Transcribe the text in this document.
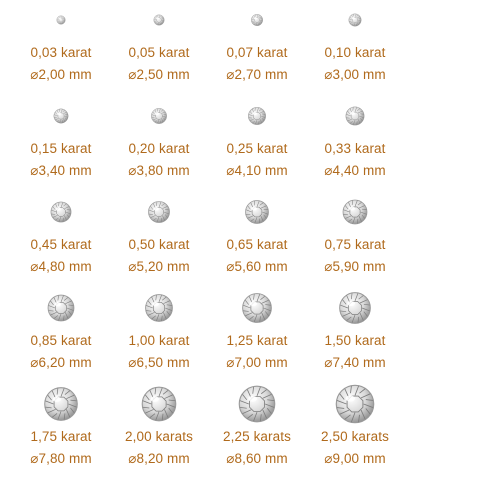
0,03 karat
⌀2,00 mm
0,05 karat
⌀2,50 mm
0,07 karat
⌀2,70 mm
0,10 karat
⌀3,00 mm
0,15 karat
⌀3,40 mm
0,20 karat
⌀3,80 mm
0,25 karat
⌀4,10 mm
0,33 karat
⌀4,40 mm
0,45 karat
⌀4,80 mm
0,50 karat
⌀5,20 mm
0,65 karat
⌀5,60 mm
0,75 karat
⌀5,90 mm
0,85 karat
⌀6,20 mm
1,00 karat
⌀6,50 mm
1,25 karat
⌀7,00 mm
1,50 karat
⌀7,40 mm
1,75 karat
⌀7,80 mm
2,00 karats
⌀8,20 mm
2,25 karats
⌀8,60 mm
2,50 karats
⌀9,00 mm
